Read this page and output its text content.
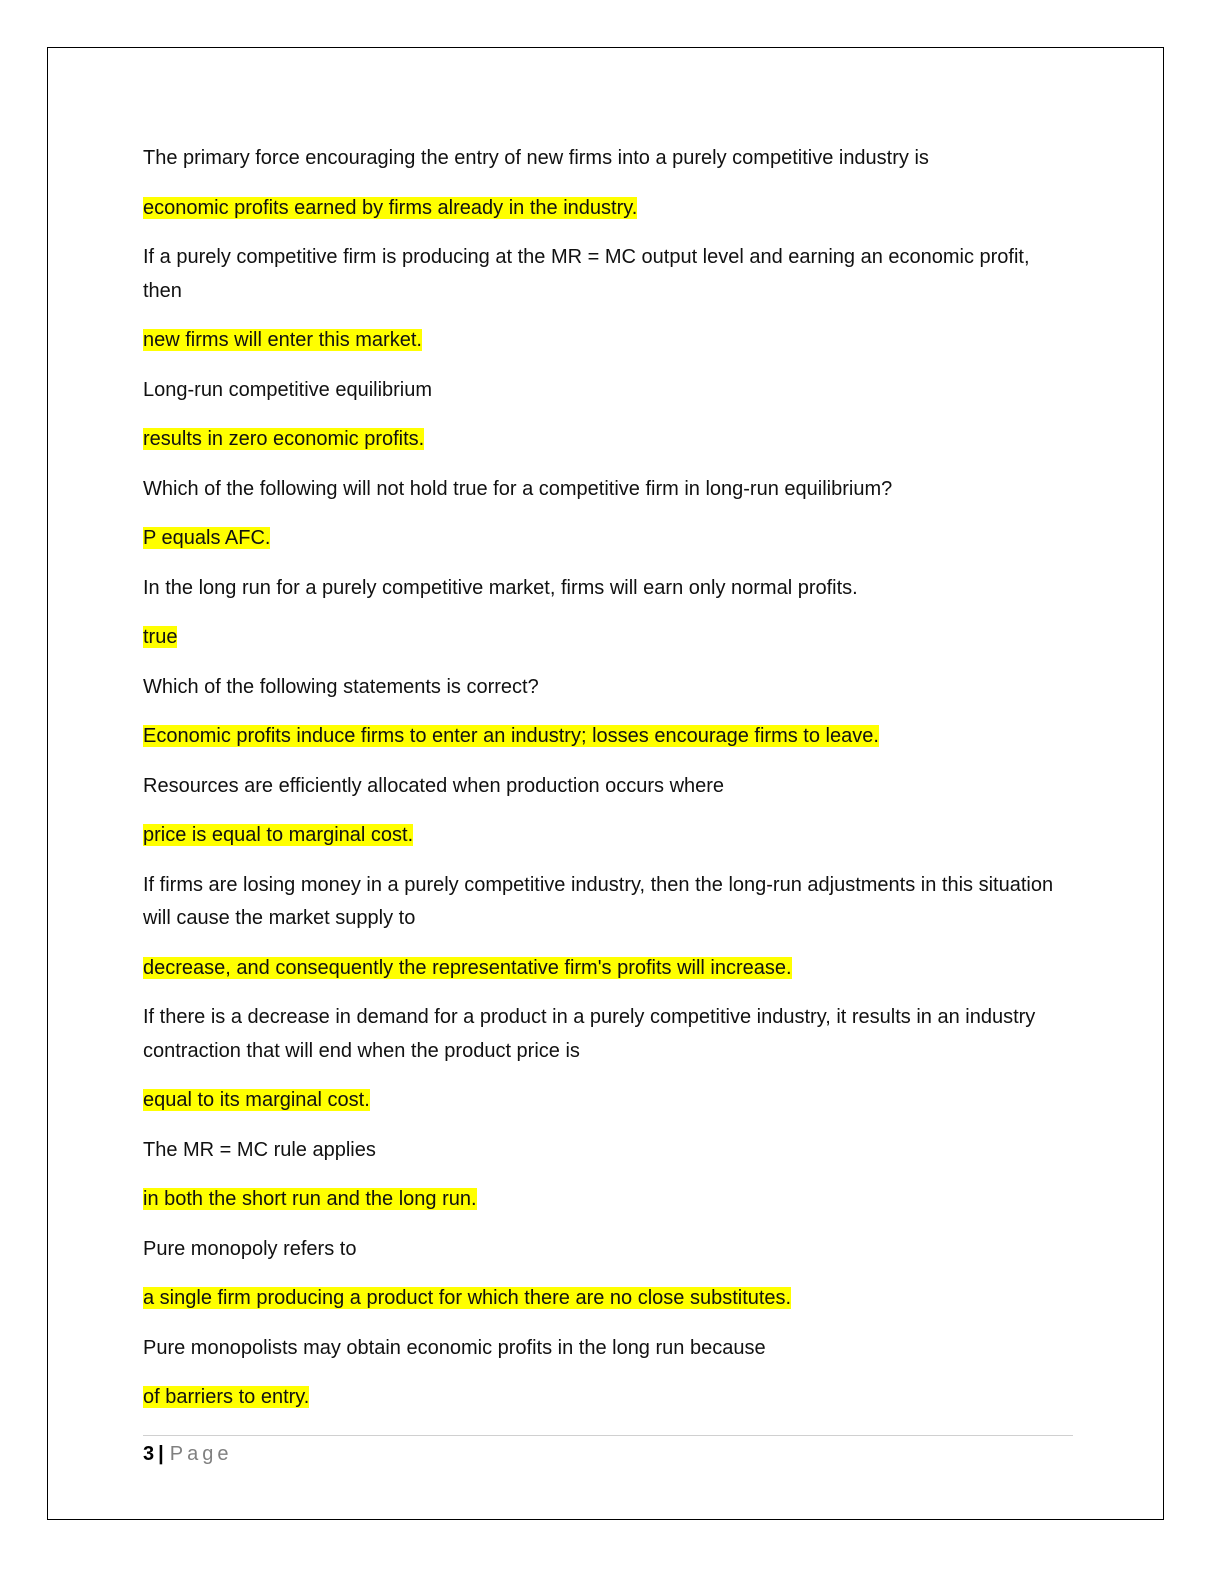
The primary force encouraging the entry of new firms into a purely competitive industry is

economic profits earned by firms already in the industry.

If a purely competitive firm is producing at the MR = MC output level and earning an economic profit, then

new firms will enter this market.

Long-run competitive equilibrium

results in zero economic profits.

Which of the following will not hold true for a competitive firm in long-run equilibrium?

P equals AFC.

In the long run for a purely competitive market, firms will earn only normal profits.

true

Which of the following statements is correct?

Economic profits induce firms to enter an industry; losses encourage firms to leave.

Resources are efficiently allocated when production occurs where

price is equal to marginal cost.

If firms are losing money in a purely competitive industry, then the long-run adjustments in this situation will cause the market supply to

decrease, and consequently the representative firm's profits will increase.

If there is a decrease in demand for a product in a purely competitive industry, it results in an industry contraction that will end when the product price is

equal to its marginal cost.

The MR = MC rule applies

in both the short run and the long run.

Pure monopoly refers to

a single firm producing a product for which there are no close substitutes.

Pure monopolists may obtain economic profits in the long run because

of barriers to entry.

3 | Page
